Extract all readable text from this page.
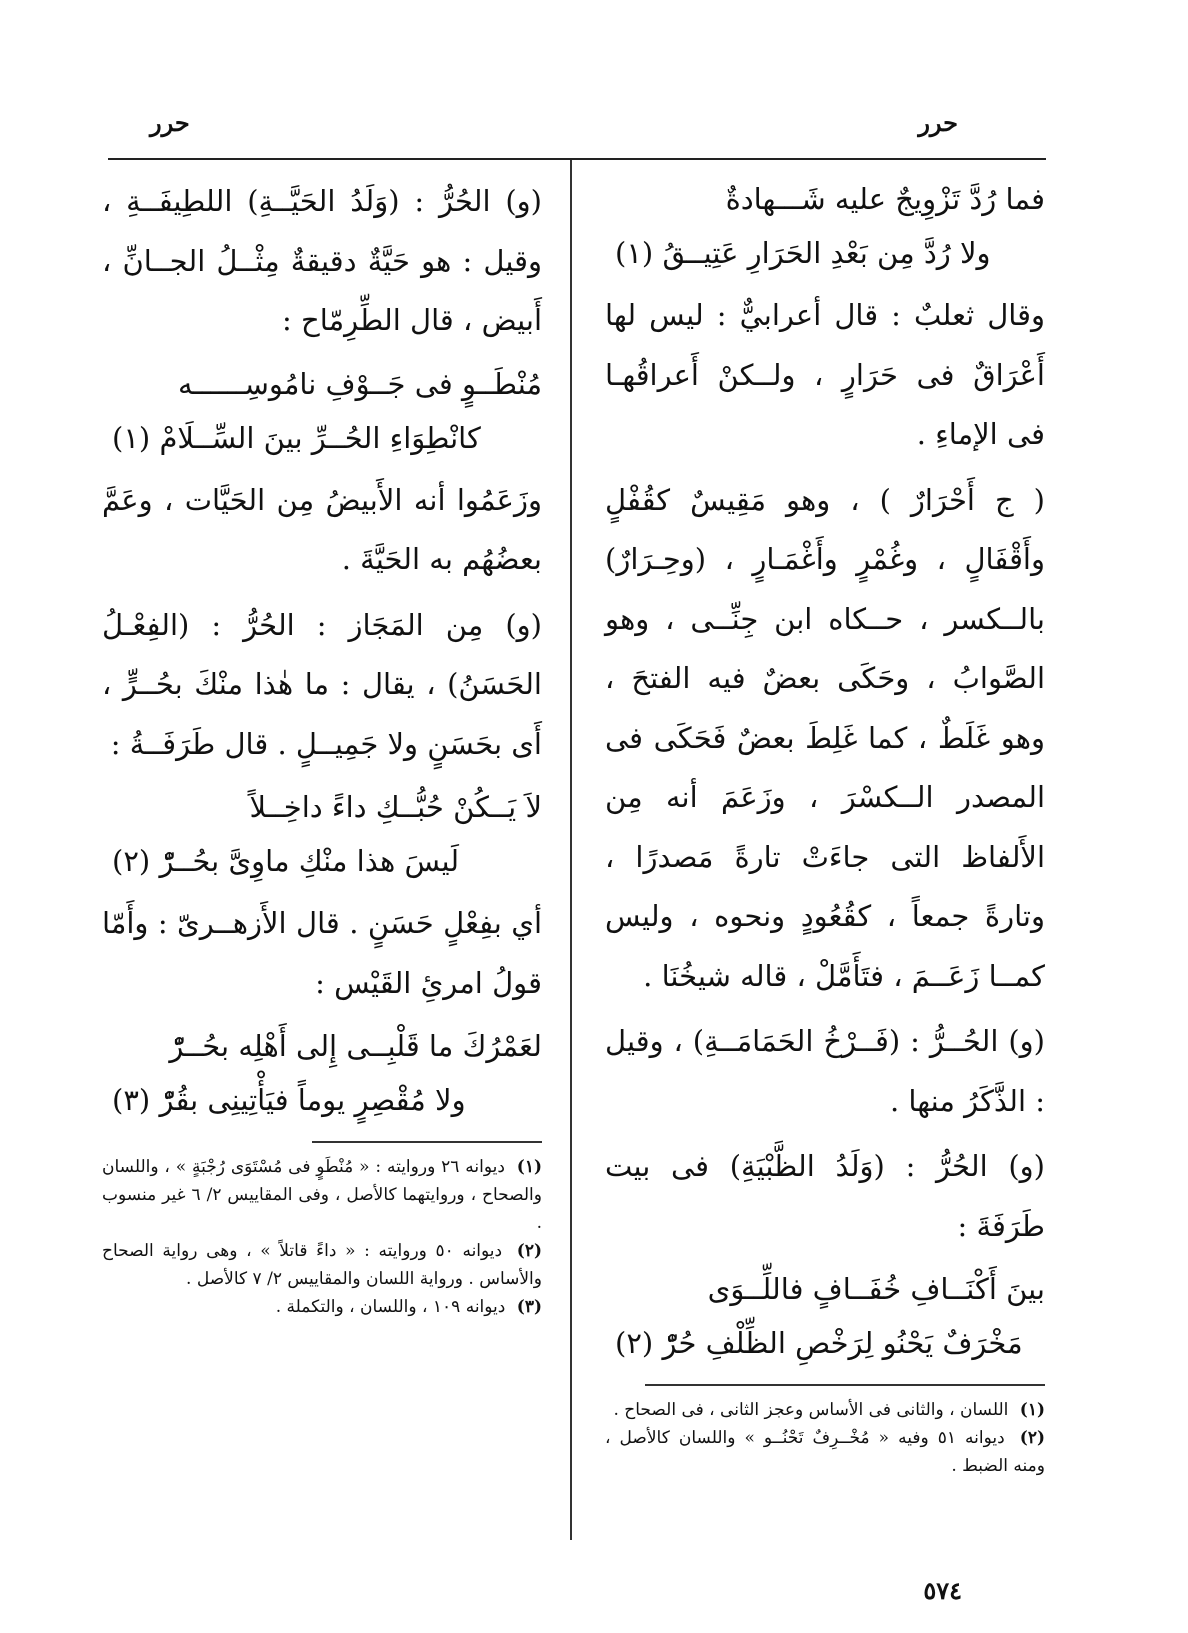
حرر
حرر
فما رُدَّ تَزْوِيجٌ عليه شَـــهادةٌ
ولا رُدَّ مِن بَعْدِ الحَرَارِ عَتِيــقُ (١)

وقال ثعلبٌ : قال أعرابيٌّ : ليس لها أَعْرَاقٌ فى حَرَارٍ ، ولــكنْ أَعراقُهـا فى الإماءِ .

( ج أَحْرَارٌ ) ، وهو مَقِيسٌ كقُفْلٍ وأَقْفَالٍ ، وغُمْرٍ وأَغْمَـارٍ ، (وحِـرَارٌ) بالــكسر ، حــكاه ابن جِنِّــى ، وهو الصَّوابُ ، وحَكَى بعضٌ فيه الفتحَ ، وهو غَلَطٌ ، كما غَلِطَ بعضٌ فَحَكَى فى المصدر الــكسْرَ ، وزَعَمَ أنه مِن الأَلفاظ التى جاءَتْ تارةً مَصدرًا ، وتارةً جمعاً ، كقُعُودٍ ونحوه ، وليس كمــا زَعَــمَ ، فتَأَمَّلْ ، قاله شيخُنَا .

(و) الحُــرُّ : (فَــرْخُ الحَمَامَــةِ) ، وقيل : الذَّكَرُ منها .

(و) الحُرُّ : (وَلَدُ الظَّبْيَةِ) فى بيت طَرَفَةَ :

بينَ أَكْنَــافِ خُفَــافٍ فاللِّــوَى
مَخْرَفٌ يَحْنُو لِرَخْصِ الظِّلْفِ حُرّْ (٢)

(١) اللسان ، والثانى فى الأساس وعجز الثانى ، فى الصحاح .

(٢) ديوانه ٥١ وفيه « مُخْــرِفٌ تَحْنُــو » واللسان كالأصل ، ومنه الضبط .

(و) الحُرُّ : (وَلَدُ الحَيَّــةِ) اللطِيفَــةِ ، وقيل : هو حَيَّةٌ دقيقةٌ مِثْــلُ الجــانِّ ، أَبيض ، قال الطِّرِمّاح :

مُنْطَــوٍ فى جَــوْفِ نامُوسِــــــه
كانْطِوَاءِ الحُــرِّ بينَ السِّــلَامْ (١)

وزَعَمُوا أنه الأَبيضُ مِن الحَيَّات ، وعَمَّ بعضُهُم به الحَيَّةَ .

(و) مِن المَجَاز : الحُرُّ : (الفِعْـلُ الحَسَنُ) ، يقال : ما هٰذا منْكَ بحُــرٍّ ، أَى بحَسَنٍ ولا جَمِيــلٍ . قال طَرَفَــةُ :

لاَ يَــكُنْ حُبُّــكِ داءً داخِــلاً
لَيسَ هذا منْكِ ماوِىَّ بحُــرّْ (٢)

أي بفِعْلٍ حَسَنٍ . قال الأَزهــرىّ : وأَمّا قولُ امرئِ القَيْس :

لعَمْرُكَ ما قَلْبِــى إِلى أَهْلِه بحُــرّْ
ولا مُقْصِرٍ يوماً فيَأْتِينِى بقُرّْ (٣)

(١) ديوانه ٢٦ وروايته : « مُنْطَوٍ فى مُسْتَوَى رُجْبَةٍ » ، واللسان والصحاح ، وروايتهما كالأصل ، وفى المقاييس ٢/ ٦ غير منسوب .

(٢) ديوانه ٥٠ وروايته : « داءً قاتلاً » ، وهى رواية الصحاح والأساس . ورواية اللسان والمقاييس ٢/ ٧ كالأصل .

(٣) ديوانه ١٠٩ ، واللسان ، والتكملة .

٥٧٤
